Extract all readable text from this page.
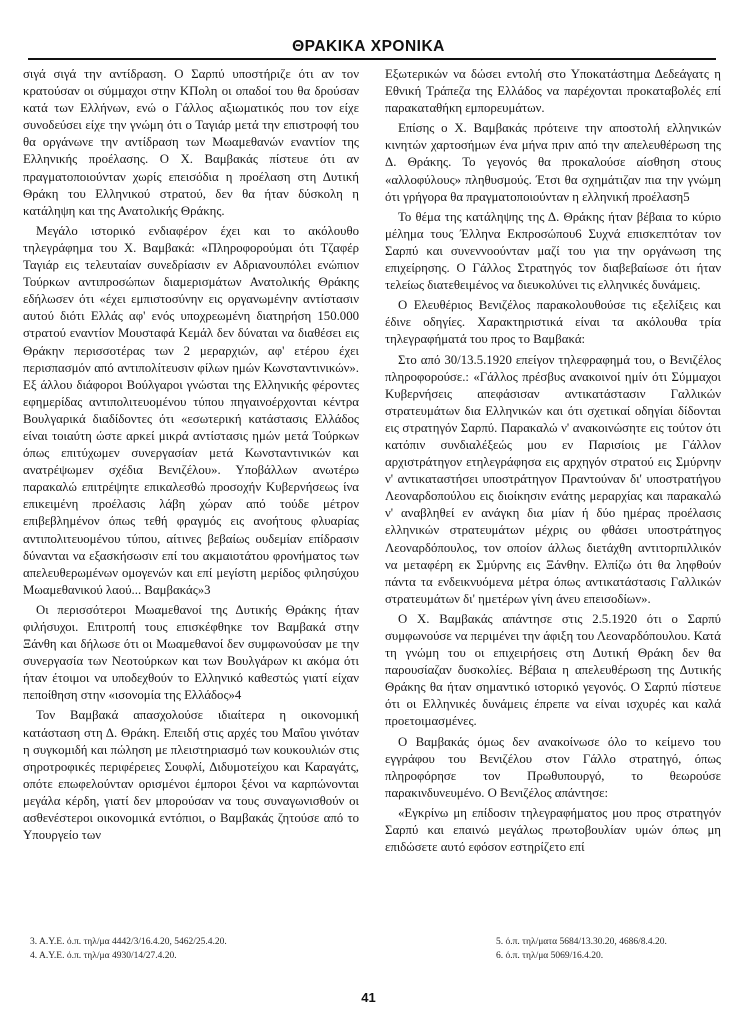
ΘΡΑΚΙΚΑ ΧΡΟΝΙΚΑ

σιγά σιγά την αντίδραση. Ο Σαρπύ υποστήριζε ότι αν τον κρατούσαν οι σύμμαχοι στην ΚΠολη οι οπαδοί του θα δρούσαν κατά των Ελλήνων, ενώ ο Γάλλος αξιωματικός που τον είχε συνοδεύσει είχε την γνώμη ότι ο Ταγιάρ μετά την επιστροφή του θα οργάνωνε την αντίδραση των Μωαμεθανών εναντίον της Ελληνικής προέλασης. Ο Χ. Βαμβακάς πίστευε ότι αν πραγματοποιούνταν χωρίς επεισόδια η προέλαση στη Δυτική Θράκη του Ελληνικού στρατού, δεν θα ήταν δύσκολη η κατάληψη και της Ανατολικής Θράκης.

Μεγάλο ιστορικό ενδιαφέρον έχει και το ακόλουθο τηλεγράφημα του Χ. Βαμβακά: «Πληροφορούμαι ότι Τζαφέρ Ταγιάρ εις τελευταίαν συνεδρίασιν εν Αδριανουπόλει ενώπιον Τούρκων αντιπροσώπων διαμερισμάτων Ανατολικής Θράκης εδήλωσεν ότι «έχει εμπιστοσύνην εις οργανωμένην αντίστασιν αυτού διότι Ελλάς αφ' ενός υποχρεωμένη διατηρήση 150.000 στρατού εναντίον Μουσταφά Κεμάλ δεν δύναται να διαθέσει εις Θράκην περισσοτέρας των 2 μεραρχιών, αφ' ετέρου έχει περισπασμόν από αντιπολίτευσιν φίλων ημών Κωνσταντινικών». Εξ άλλου διάφοροι Βούλγαροι γνώσται της Ελληνικής φέροντες εφημερίδας αντιπολιτευομένου τύπου πηγαινοέρχονται κέντρα Βουλγαρικά διαδίδοντες ότι «εσωτερική κατάστασις Ελλάδος είναι τοιαύτη ώστε αρκεί μικρά αντίστασις ημών μετά Τούρκων όπως επιτύχωμεν συνεργασίαν μετά Κωνσταντινικών και ανατρέψωμεν σχέδια Βενιζέλου». Υποβάλλων ανωτέρω παρακαλώ επιτρέψητε επικαλεσθώ προσοχήν Κυβερνήσεως ίνα επικειμένη προέλασις λάβη χώραν από τούδε μέτρον επιβεβλημένον όπως τεθή φραγμός εις ανοήτους φλυαρίας αντιπολιτευομένου τύπου, αίτινες βεβαίως ουδεμίαν επίδρασιν δύνανται να εξασκήσωσιν επί του ακμαιοτάτου φρονήματος των απελευθερωμένων ομογενών και επί μεγίστη μερίδος φιλησύχου Μωαμεθανικού λαού... Βαμβακάς»3

Οι περισσότεροι Μωαμεθανοί της Δυτικής Θράκης ήταν φιλήσυχοι. Επιτροπή τους επισκέφθηκε τον Βαμβακά στην Ξάνθη και δήλωσε ότι οι Μωαμεθανοί δεν συμφωνούσαν με την συνεργασία των Νεοτούρκων και των Βουλγάρων κι ακόμα ότι ήταν έτοιμοι να υποδεχθούν το Ελληνικό καθεστώς γιατί είχαν πεποίθηση στην «ισονομία της Ελλάδος»4

Τον Βαμβακά απασχολούσε ιδιαίτερα η οικονομική κατάσταση στη Δ. Θράκη. Επειδή στις αρχές του Μαΐου γινόταν η συγκομιδή και πώληση με πλειστηριασμό των κουκουλιών στις σηροτροφικές περιφέρειες Σουφλί, Διδυμοτείχου και Καραγάτς, οπότε επωφελούνταν ορισμένοι έμποροι ξένοι να καρπώνονται μεγάλα κέρδη, γιατί δεν μπορούσαν να τους συναγωνισθούν οι ασθενέστεροι οικονομικά εντόπιοι, ο Βαμβακάς ζητούσε από το Υπουργείο των

Εξωτερικών να δώσει εντολή στο Υποκατάστημα Δεδεάγατς η Εθνική Τράπεζα της Ελλάδος να παρέχονται προκαταβολές επί παρακαταθήκη εμπορευμάτων.

Επίσης ο Χ. Βαμβακάς πρότεινε την αποστολή ελληνικών κινητών χαρτοσήμων ένα μήνα πριν από την απελευθέρωση της Δ. Θράκης. Το γεγονός θα προκαλούσε αίσθηση στους «αλλοφύλους» πληθυσμούς. Έτσι θα σχημάτιζαν πια την γνώμη ότι γρήγορα θα πραγματοποιούνταν η ελληνική προέλαση5

Το θέμα της κατάληψης της Δ. Θράκης ήταν βέβαια το κύριο μέλημα τους Έλληνα Εκπροσώπου6 Συχνά επισκεπτόταν τον Σαρπύ και συνεννοούνταν μαζί του για την οργάνωση της επιχείρησης. Ο Γάλλος Στρατηγός τον διαβεβαίωσε ότι ήταν τελείως διατεθειμένος να διευκολύνει τις ελληνικές δυνάμεις.

Ο Ελευθέριος Βενιζέλος παρακολουθούσε τις εξελίξεις και έδινε οδηγίες. Χαρακτηριστικά είναι τα ακόλουθα τρία τηλεγραφήματά του προς το Βαμβακά:

Στο από 30/13.5.1920 επείγον τηλεφραφημά του, ο Βενιζέλος πληροφορούσε.: «Γάλλος πρέσβυς ανακοινοί ημίν ότι Σύμμαχοι Κυβερνήσεις απεφάσισαν αντικατάστασιν Γαλλικών στρατευμάτων δια Ελληνικών και ότι σχετικαί οδηγίαι δίδονται εις στρατηγόν Σαρπύ. Παρακαλώ ν' ανακοινώσητε εις τούτον ότι κατόπιν συνδιαλέξεώς μου εν Παρισίοις με Γάλλον αρχιστράτηγον ετηλεγράφησα εις αρχηγόν στρατού εις Σμύρνην ν' αντικαταστήσει υποστράτηγον Πραντούναν δι' υποστρατήγου Λεοναρδοπούλου εις διοίκησιν ενάτης μεραρχίας και παρακαλώ ν' αναβληθεί εν ανάγκη δια μίαν ή δύο ημέρας προέλασις ελληνικών στρατευμάτων μέχρις ου φθάσει υποστράτηγος Λεοναρδόπουλος, τον οποίον άλλως διετάχθη αντιτορπιλλικόν να μεταφέρη εκ Σμύρνης εις Ξάνθην. Ελπίζω ότι θα ληφθούν πάντα τα ενδεικνυόμενα μέτρα όπως αντικατάστασις Γαλλικών στρατευμάτων δι' ημετέρων γίνη άνευ επεισοδίων».

Ο Χ. Βαμβακάς απάντησε στις 2.5.1920 ότι ο Σαρπύ συμφωνούσε να περιμένει την άφιξη του Λεοναρδόπουλου. Κατά τη γνώμη του οι επιχειρήσεις στη Δυτική Θράκη δεν θα παρουσίαζαν δυσκολίες. Βέβαια η απελευθέρωση της Δυτικής Θράκης θα ήταν σημαντικό ιστορικό γεγονός. Ο Σαρπύ πίστευε ότι οι Ελληνικές δυνάμεις έπρεπε να είναι ισχυρές και καλά προετοιμασμένες.

Ο Βαμβακάς όμως δεν ανακοίνωσε όλο το κείμενο του εγγράφου του Βενιζέλου στον Γάλλο στρατηγό, όπως πληροφόρησε τον Πρωθυπουργό, το θεωρούσε παρακινδυνευμένο. Ο Βενιζέλος απάντησε:

«Εγκρίνω μη επίδοσιν τηλεγραφήματος μου προς στρατηγόν Σαρπύ και επαινώ μεγάλως πρωτοβουλίαν υμών όπως μη επιδώσετε αυτό εφόσον εστηρίζετο επί

3. Α.Υ.Ε. ό.π. τηλ/μα 4442/3/16.4.20, 5462/25.4.20.
4. Α.Υ.Ε. ό.π. τηλ/μα 4930/14/27.4.20.
5. ό.π. τηλ/ματα 5684/13.30.20, 4686/8.4.20.
6. ό.π. τηλ/μα 5069/16.4.20.
41
